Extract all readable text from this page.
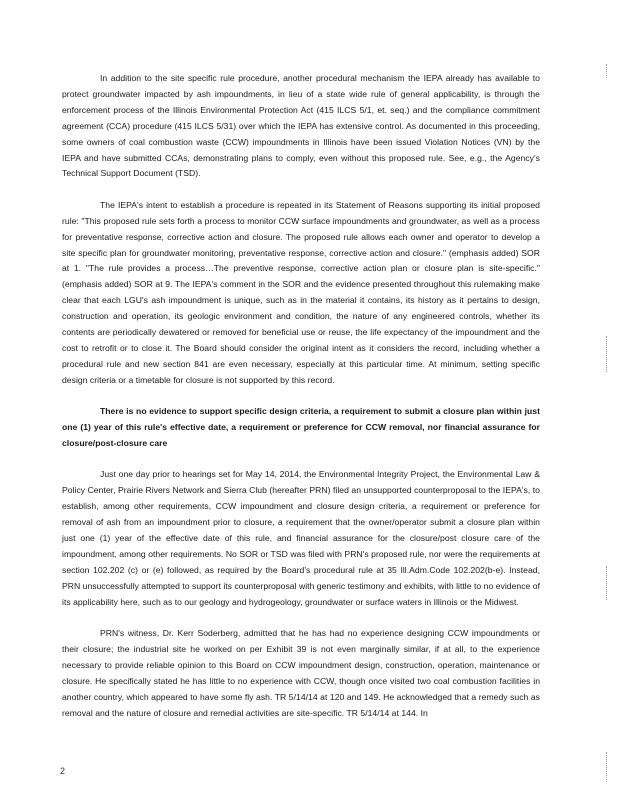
In addition to the site specific rule procedure, another procedural mechanism the IEPA already has available to protect groundwater impacted by ash impoundments, in lieu of a state wide rule of general applicability, is through the enforcement process of the Illinois Environmental Protection Act (415 ILCS 5/1, et. seq.) and the compliance commitment agreement (CCA) procedure (415 ILCS 5/31) over which the IEPA has extensive control. As documented in this proceeding, some owners of coal combustion waste (CCW) impoundments in Illinois have been issued Violation Notices (VN) by the IEPA and have submitted CCAs, demonstrating plans to comply, even without this proposed rule. See, e.g., the Agency's Technical Support Document (TSD).

The IEPA's intent to establish a procedure is repeated in its Statement of Reasons supporting its initial proposed rule: "This proposed rule sets forth a process to monitor CCW surface impoundments and groundwater, as well as a process for preventative response, corrective action and closure. The proposed rule allows each owner and operator to develop a site specific plan for groundwater monitoring, preventative response, corrective action and closure." (emphasis added) SOR at 1. "The rule provides a process…The preventive response, corrective action plan or closure plan is site-specific." (emphasis added) SOR at 9. The IEPA's comment in the SOR and the evidence presented throughout this rulemaking make clear that each LGU's ash impoundment is unique, such as in the material it contains, its history as it pertains to design, construction and operation, its geologic environment and condition, the nature of any engineered controls, whether its contents are periodically dewatered or removed for beneficial use or reuse, the life expectancy of the impoundment and the cost to retrofit or to close it. The Board should consider the original intent as it considers the record, including whether a procedural rule and new section 841 are even necessary, especially at this particular time. At minimum, setting specific design criteria or a timetable for closure is not supported by this record.

There is no evidence to support specific design criteria, a requirement to submit a closure plan within just one (1) year of this rule's effective date, a requirement or preference for CCW removal, nor financial assurance for closure/post-closure care

Just one day prior to hearings set for May 14, 2014, the Environmental Integrity Project, the Environmental Law & Policy Center, Prairie Rivers Network and Sierra Club (hereafter PRN) filed an unsupported counterproposal to the IEPA's, to establish, among other requirements, CCW impoundment and closure design criteria, a requirement or preference for removal of ash from an impoundment prior to closure, a requirement that the owner/operator submit a closure plan within just one (1) year of the effective date of this rule, and financial assurance for the closure/post closure care of the impoundment, among other requirements. No SOR or TSD was filed with PRN's proposed rule, nor were the requirements at section 102.202 (c) or (e) followed, as required by the Board's procedural rule at 35 Ill.Adm.Code 102.202(b-e). Instead, PRN unsuccessfully attempted to support its counterproposal with generic testimony and exhibits, with little to no evidence of its applicability here, such as to our geology and hydrogeology, groundwater or surface waters in Illinois or the Midwest.

PRN's witness, Dr. Kerr Soderberg, admitted that he has had no experience designing CCW impoundments or their closure; the industrial site he worked on per Exhibit 39 is not even marginally similar, if at all, to the experience necessary to provide reliable opinion to this Board on CCW impoundment design, construction, operation, maintenance or closure. He specifically stated he has little to no experience with CCW, though once visited two coal combustion facilities in another country, which appeared to have some fly ash. TR 5/14/14 at 120 and 149. He acknowledged that a remedy such as removal and the nature of closure and remedial activities are site-specific. TR 5/14/14 at 144. In

2
